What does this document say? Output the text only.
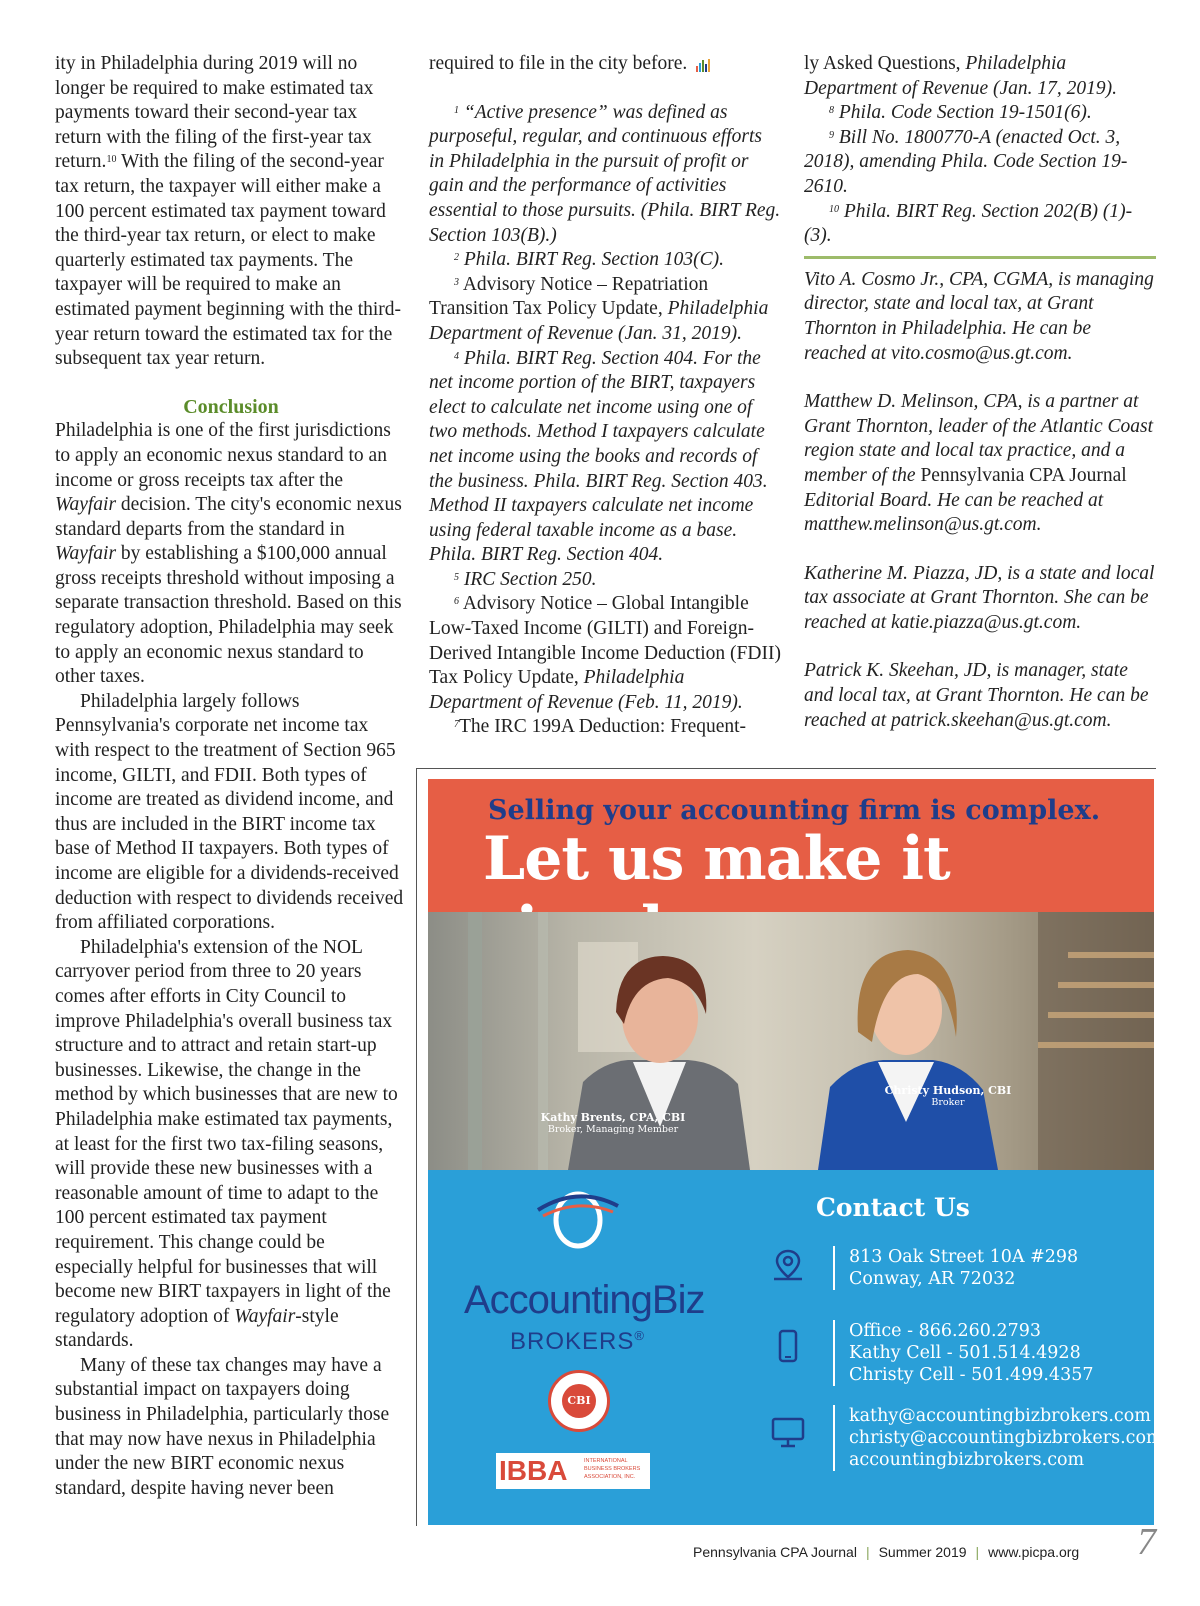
ity in Philadelphia during 2019 will no longer be required to make estimated tax payments toward their second-year tax return with the filing of the first-year tax return.$^{10}$ With the filing of the second-year tax return, the taxpayer will either make a 100 percent estimated tax payment toward the third-year tax return, or elect to make quarterly estimated tax payments. The taxpayer will be required to make an estimated payment beginning with the third-year return toward the estimated tax for the subsequent tax year return.

Conclusion

Philadelphia is one of the first jurisdictions to apply an economic nexus standard to an income or gross receipts tax after the Wayfair decision. The city's economic nexus standard departs from the standard in Wayfair by establishing a $100,000 annual gross receipts threshold without imposing a separate transaction threshold. Based on this regulatory adoption, Philadelphia may seek to apply an economic nexus standard to other taxes.

Philadelphia largely follows Pennsylvania's corporate net income tax with respect to the treatment of Section 965 income, GILTI, and FDII. Both types of income are treated as dividend income, and thus are included in the BIRT income tax base of Method II taxpayers. Both types of income are eligible for a dividends-received deduction with respect to dividends received from affiliated corporations.

Philadelphia's extension of the NOL carryover period from three to 20 years comes after efforts in City Council to improve Philadelphia's overall business tax structure and to attract and retain start-up businesses. Likewise, the change in the method by which businesses that are new to Philadelphia make estimated tax payments, at least for the first two tax-filing seasons, will provide these new businesses with a reasonable amount of time to adapt to the 100 percent estimated tax payment requirement. This change could be especially helpful for businesses that will become new BIRT taxpayers in light of the regulatory adoption of Wayfair-style standards.

Many of these tax changes may have a substantial impact on taxpayers doing business in Philadelphia, particularly those that may now have nexus in Philadelphia under the new BIRT economic nexus standard, despite having never been

required to file in the city before.

$^1$ “Active presence” was defined as purposeful, regular, and continuous efforts in Philadelphia in the pursuit of profit or gain and the performance of activities essential to those pursuits. (Phila. BIRT Reg. Section 103(B).)

$^2$ Phila. BIRT Reg. Section 103(C).

$^3$ Advisory Notice – Repatriation Transition Tax Policy Update, Philadelphia Department of Revenue (Jan. 31, 2019).

$^4$ Phila. BIRT Reg. Section 404. For the net income portion of the BIRT, taxpayers elect to calculate net income using one of two methods. Method I taxpayers calculate net income using the books and records of the business. Phila. BIRT Reg. Section 403. Method II taxpayers calculate net income using federal taxable income as a base. Phila. BIRT Reg. Section 404.

$^5$ IRC Section 250.

$^6$ Advisory Notice – Global Intangible Low-Taxed Income (GILTI) and Foreign-Derived Intangible Income Deduction (FDII) Tax Policy Update, Philadelphia Department of Revenue (Feb. 11, 2019).

$^7$The IRC 199A Deduction: Frequent-

ly Asked Questions, Philadelphia Department of Revenue (Jan. 17, 2019).

$^8$ Phila. Code Section 19-1501(6).

$^9$ Bill No. 1800770-A (enacted Oct. 3, 2018), amending Phila. Code Section 19-2610.

$^{10}$ Phila. BIRT Reg. Section 202(B) (1)-(3).

Vito A. Cosmo Jr., CPA, CGMA, is managing director, state and local tax, at Grant Thornton in Philadelphia. He can be reached at vito.cosmo@us.gt.com.

Matthew D. Melinson, CPA, is a partner at Grant Thornton, leader of the Atlantic Coast region state and local tax practice, and a member of the Pennsylvania CPA Journal Editorial Board. He can be reached at matthew.melinson@us.gt.com.

Katherine M. Piazza, JD, is a state and local tax associate at Grant Thornton. She can be reached at katie.piazza@us.gt.com.

Patrick K. Skeehan, JD, is manager, state and local tax, at Grant Thornton. He can be reached at patrick.skeehan@us.gt.com.

Selling your accounting firm is complex.
Let us make it
Kathy Brents, CPA, CBI
Broker, Managing Member
Christy Hudson, CBI
Broker
AccountingBiz
BROKERS®
CBI
IBBA	INTERNATIONAL BUSINESS BROKERS ASSOCIATION, INC.
Contact Us
813 Oak Street 10A #298
Conway, AR 72032
Office - 866.260.2793
Kathy Cell - 501.514.4928
Christy Cell - 501.499.4357
kathy@accountingbizbrokers.com
christy@accountingbizbrokers.com
accountingbizbrokers.com
Pennsylvania CPA Journal | Summer 2019 | www.picpa.org 7
